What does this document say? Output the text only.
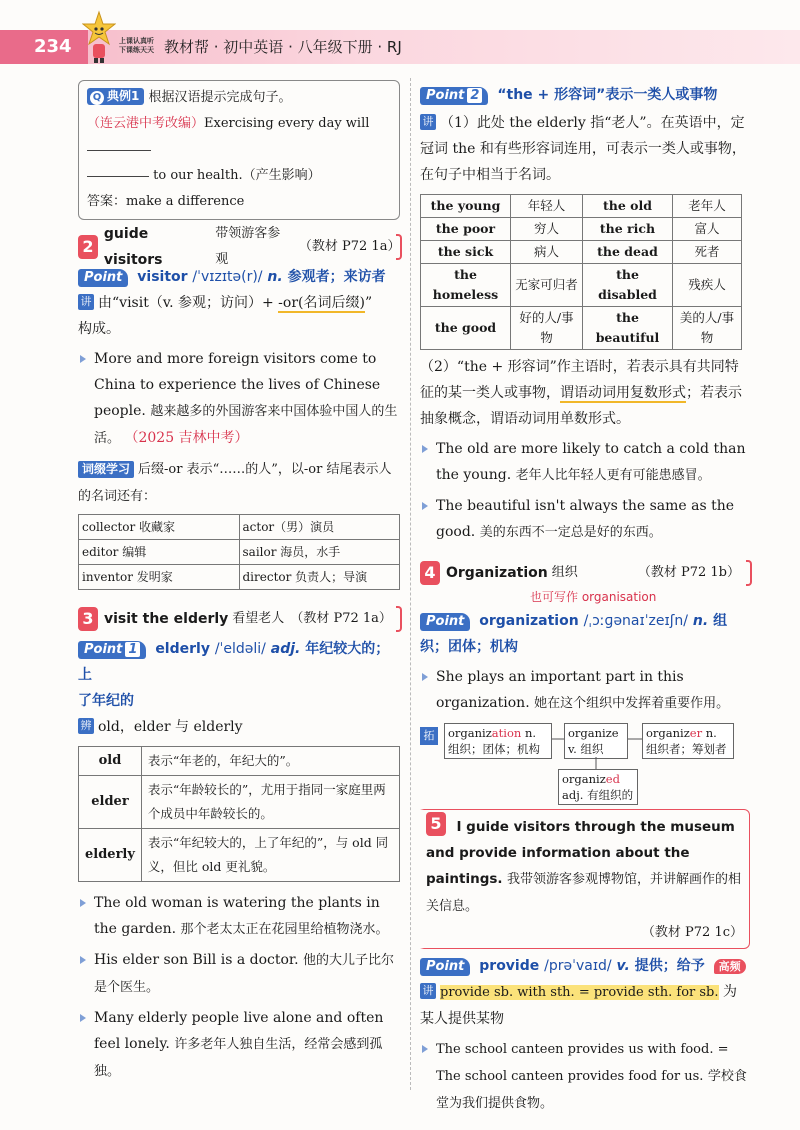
234	上课认真听
下课练天天 教材帮 · 初中英语 · 八年级下册 · RJ
Q 典例1 根据汉语提示完成句子。
（连云港中考改编）Exercising every day will
to our health.（产生影响）
答案：make a difference
2
guide visitors
带领游客参观
（教材 P72 1a）
Point visitor /ˈvɪzɪtə(r)/ n. 参观者；来访者
讲 由“visit（v. 参观；访问）+ -or(名词后缀)”
构成。
More and more foreign visitors come to China to experience the lives of Chinese people. 越来越多的外国游客来中国体验中国人的生活。 （2025 吉林中考）
词缀学习 后缀-or 表示“……的人”，以-or 结尾表示人的名词还有：
collector 收藏家	actor（男）演员
editor 编辑	sailor 海员，水手
inventor 发明家	director 负责人；导演
3 visit the elderly 看望老人 （教材 P72 1a）
Point 1 elderly /ˈeldəli/ adj. 年纪较大的；上
了年纪的
辨 old，elder 与 elderly
old	表示“年老的，年纪大的”。
elder	表示“年龄较长的”，尤用于指同一家庭里两个成员中年龄较长的。
elderly	表示“年纪较大的，上了年纪的”，与 old 同义，但比 old 更礼貌。
The old woman is watering the plants in the garden. 那个老太太正在花园里给植物浇水。
His elder son Bill is a doctor. 他的大儿子比尔是个医生。
Many elderly people live alone and often feel lonely. 许多老年人独自生活，经常会感到孤独。
Point 2 “the + 形容词”表示一类人或事物
讲 （1）此处 the elderly 指“老人”。在英语中，定冠词 the 和有些形容词连用，可表示一类人或事物，在句子中相当于名词。
the young	年轻人	the old	老年人
the poor	穷人	the rich	富人
the sick	病人	the dead	死者
the homeless	无家可归者	the disabled	残疾人
the good	好的人/事物	the beautiful	美的人/事物
（2）“the + 形容词”作主语时，若表示具有共同特征的某一类人或事物，谓语动词用复数形式；若表示抽象概念，谓语动词用单数形式。
The old are more likely to catch a cold than the young. 老年人比年轻人更有可能患感冒。
The beautiful isn't always the same as the good. 美的东西不一定总是好的东西。
4 Organization 组织	（教材 P72 1b）
也可写作 organisation
Point organization /ˌɔːɡənaɪˈzeɪʃn/ n. 组织；团体；机构
She plays an important part in this organization. 她在这个组织中发挥着重要作用。
拓	organization n. 组织；团体；机构
organize v. 组织
organizer n. 组织者；筹划者
organized adj. 有组织的
5 I guide visitors through the museum and provide information about the paintings. 我带领游客参观博物馆，并讲解画作的相关信息。
（教材 P72 1c）
Point provide /prəˈvaɪd/ v. 提供；给予 高频
讲 provide sb. with sth. = provide sth. for sb. 为某人提供某物
The school canteen provides us with food. = The school canteen provides food for us. 学校食堂为我们提供食物。
